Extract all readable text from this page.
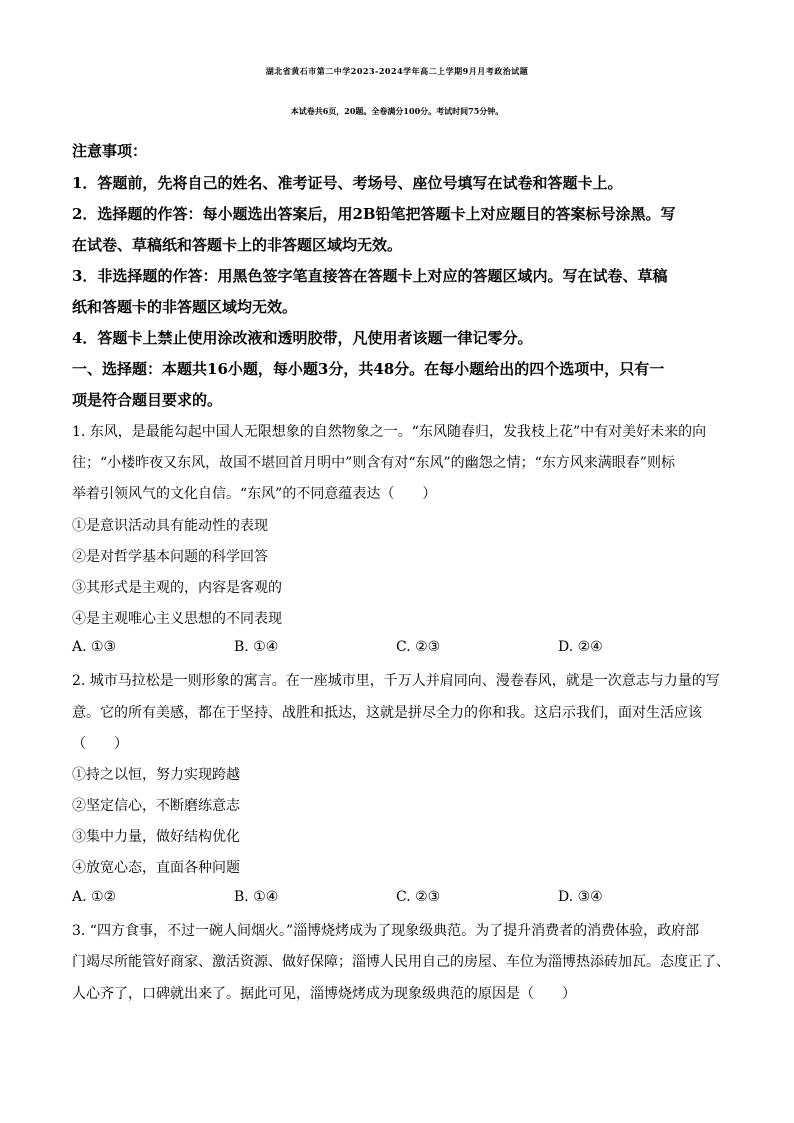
湖北省黄石市第二中学2023-2024学年高二上学期9月月考政治试题
本试卷共6页，20题。全卷满分100分。考试时间75分钟。
注意事项：
1．答题前，先将自己的姓名、准考证号、考场号、座位号填写在试卷和答题卡上。
2．选择题的作答：每小题选出答案后，用2B铅笔把答题卡上对应题目的答案标号涂黑。写
在试卷、草稿纸和答题卡上的非答题区域均无效。
3．非选择题的作答：用黑色签字笔直接答在答题卡上对应的答题区域内。写在试卷、草稿
纸和答题卡的非答题区域均无效。
4．答题卡上禁止使用涂改液和透明胶带，凡使用者该题一律记零分。
一、选择题：本题共16小题，每小题3分，共48分。在每小题给出的四个选项中，只有一
项是符合题目要求的。
1. 东风，是最能勾起中国人无限想象的自然物象之一。“东风随春归，发我枝上花”中有对美好未来的向
往；“小楼昨夜又东风，故国不堪回首月明中”则含有对“东风”的幽怨之情；“东方风来满眼春”则标
举着引领风气的文化自信。“东风”的不同意蕴表达（　　）
①是意识活动具有能动性的表现
②是对哲学基本问题的科学回答
③其形式是主观的，内容是客观的
④是主观唯心主义思想的不同表现
A. ①③	B. ①④	C. ②③	D. ②④
2. 城市马拉松是一则形象的寓言。在一座城市里，千万人并肩同向、漫卷春风，就是一次意志与力量的写
意。它的所有美感，都在于坚持、战胜和抵达，这就是拼尽全力的你和我。这启示我们，面对生活应该
（　　）
①持之以恒，努力实现跨越
②坚定信心，不断磨练意志
③集中力量，做好结构优化
④放宽心态，直面各种问题
A. ①②	B. ①④	C. ②③	D. ③④
3. “四方食事，不过一碗人间烟火。”淄博烧烤成为了现象级典范。为了提升消费者的消费体验，政府部
门竭尽所能管好商家、激活资源、做好保障；淄博人民用自己的房屋、车位为淄博热添砖加瓦。态度正了、
人心齐了，口碑就出来了。据此可见，淄博烧烤成为现象级典范的原因是（　　）
